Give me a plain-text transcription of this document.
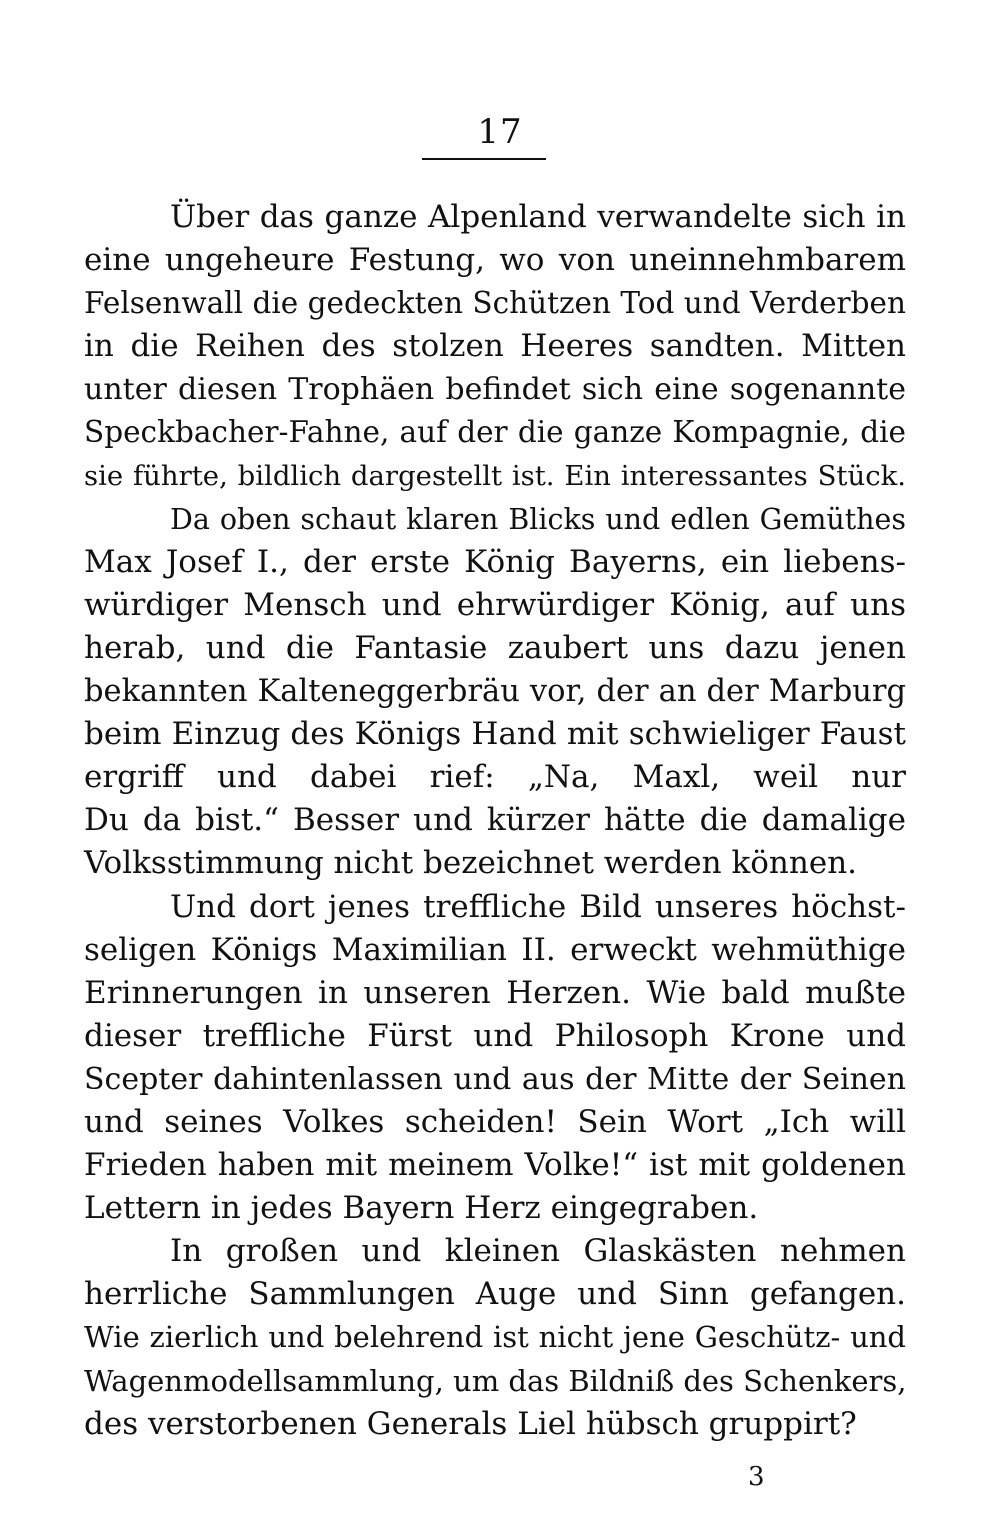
17
Über das ganze Alpenland verwandelte sich in
eine ungeheure Festung, wo von uneinnehmbarem
Felsenwall die gedeckten Schützen Tod und Verderben
in die Reihen des stolzen Heeres sandten. Mitten
unter diesen Trophäen befindet sich eine sogenannte
Speckbacher-Fahne, auf der die ganze Kompagnie, die
sie führte, bildlich dargestellt ist. Ein interessantes Stück.
Da oben schaut klaren Blicks und edlen Gemüthes
Max Josef I., der erste König Bayerns, ein liebens-
würdiger Mensch und ehrwürdiger König, auf uns
herab, und die Fantasie zaubert uns dazu jenen
bekannten Kalteneggerbräu vor, der an der Marburg
beim Einzug des Königs Hand mit schwieliger Faust
ergriff und dabei rief: „Na, Maxl, weil nur
Du da bist.“ Besser und kürzer hätte die damalige
Volksstimmung nicht bezeichnet werden können.
Und dort jenes treffliche Bild unseres höchst-
seligen Königs Maximilian II. erweckt wehmüthige
Erinnerungen in unseren Herzen. Wie bald mußte
dieser treffliche Fürst und Philosoph Krone und
Scepter dahintenlassen und aus der Mitte der Seinen
und seines Volkes scheiden! Sein Wort „Ich will
Frieden haben mit meinem Volke!“ ist mit goldenen
Lettern in jedes Bayern Herz eingegraben.
In großen und kleinen Glaskästen nehmen
herrliche Sammlungen Auge und Sinn gefangen.
Wie zierlich und belehrend ist nicht jene Geschütz- und
Wagenmodellsammlung, um das Bildniß des Schenkers,
des verstorbenen Generals Liel hübsch gruppirt?
3
